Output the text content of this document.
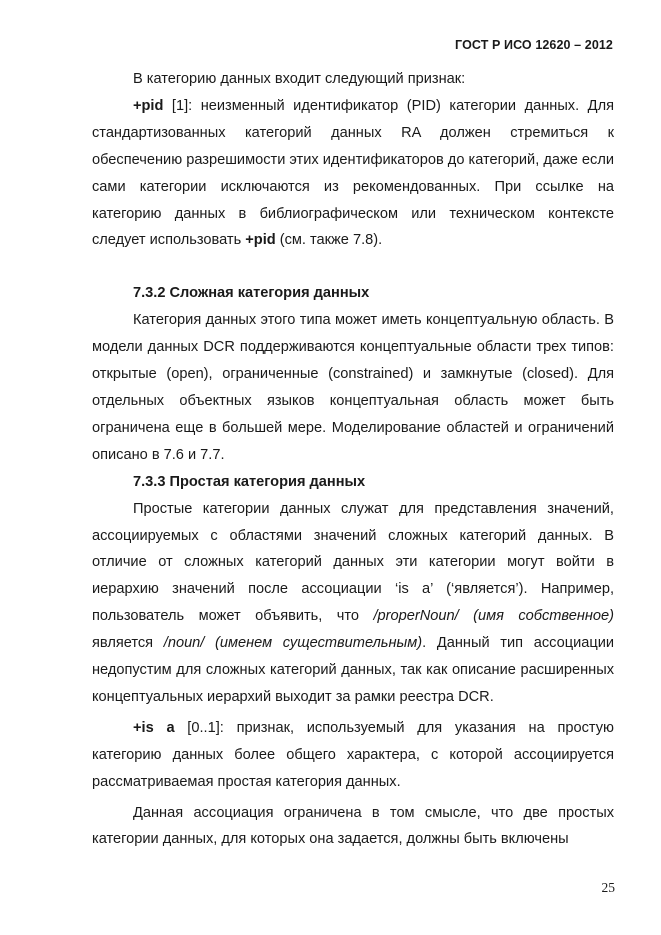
ГОСТ Р ИСО 12620 – 2012

В категорию данных входит следующий признак:

+pid [1]: неизменный идентификатор (PID) категории данных. Для стандартизованных категорий данных RA должен стремиться к обеспечению разрешимости этих идентификаторов до категорий, даже если сами категории исключаются из рекомендованных. При ссылке на категорию данных в библиографическом или техническом контексте следует использовать +pid (см. также 7.8).

7.3.2 Сложная категория данных

Категория данных этого типа может иметь концептуальную область. В модели данных DCR поддерживаются концептуальные области трех типов: открытые (open), ограниченные (constrained) и замкнутые (closed). Для отдельных объектных языков концептуальная область может быть ограничена еще в большей мере. Моделирование областей и ограничений описано в 7.6 и 7.7.

7.3.3 Простая категория данных

Простые категории данных служат для представления значений, ассоциируемых с областями значений сложных категорий данных. В отличие от сложных категорий данных эти категории могут войти в иерархию значений после ассоциации ‘is a’ (‘является’). Например, пользователь может объявить, что /properNoun/ (имя собственное) является /noun/ (именем существительным). Данный тип ассоциации недопустим для сложных категорий данных, так как описание расширенных концептуальных иерархий выходит за рамки реестра DCR.

+is a [0..1]: признак, используемый для указания на простую категорию данных более общего характера, с которой ассоциируется рассматриваемая простая категория данных.

Данная ассоциация ограничена в том смысле, что две простых категории данных, для которых она задается, должны быть включены

25
